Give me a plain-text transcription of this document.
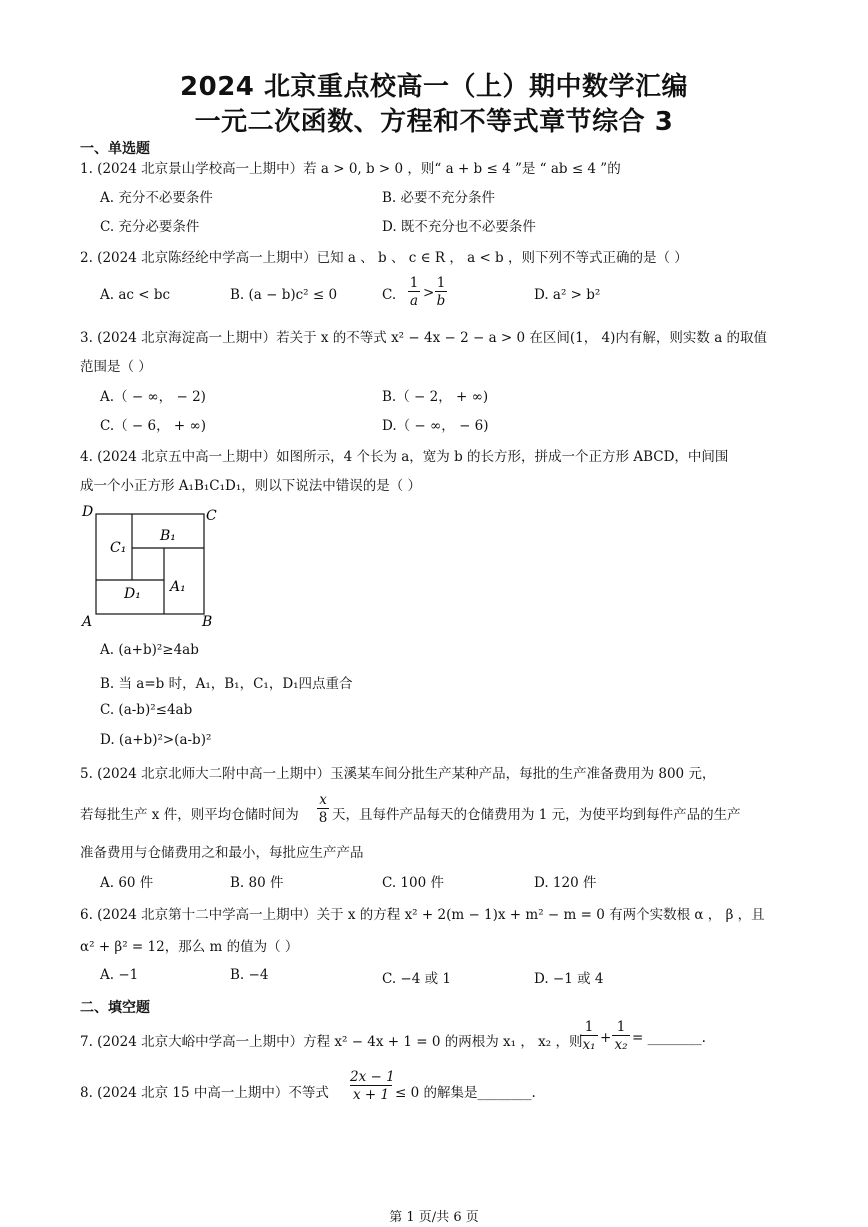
2024 北京重点校高一（上）期中数学汇编
一元二次函数、方程和不等式章节综合 3
一、单选题
1. (2024 北京景山学校高一上期中）若 a > 0, b > 0 ，则“ a + b ≤ 4 ”是 “ ab ≤ 4 ”的
A. 充分不必要条件	B. 必要不充分条件
C. 充分必要条件	D. 既不充分也不必要条件
2. (2024 北京陈经纶中学高一上期中）已知 a 、 b 、 c ∈ R ， a < b ，则下列不等式正确的是（ ）
A. ac < bc	B. (a − b)c² ≤ 0	C.
1
a >
1
b	D. a² > b²
3. (2024 北京海淀高一上期中）若关于 x 的不等式 x² − 4x − 2 − a > 0 在区间(1， 4)内有解，则实数 a 的取值
范围是（ ）
A.（ − ∞， − 2)	B.（ − 2， + ∞)
C.（ − 6， + ∞)	D.（ − ∞， − 6)
4. (2024 北京五中高一上期中）如图所示，4 个长为 a，宽为 b 的长方形，拼成一个正方形 ABCD，中间围
成一个小正方形 A₁B₁C₁D₁，则以下说法中错误的是（ ）
D	C
A	B
B₁
C₁
A₁
D₁
A. (a+b)²≥4ab
B. 当 a=b 时，A₁，B₁，C₁，D₁四点重合
C. (a-b)²≤4ab
D. (a+b)²>(a-b)²
5. (2024 北京北师大二附中高一上期中）玉溪某车间分批生产某种产品，每批的生产准备费用为 800 元，
若每批生产 x 件，则平均仓储时间为
x
8 天，且每件产品每天的仓储费用为 1 元，为使平均到每件产品的生产
准备费用与仓储费用之和最小，每批应生产产品
A. 60 件	B. 80 件	C. 100 件	D. 120 件
6. (2024 北京第十二中学高一上期中）关于 x 的方程 x² + 2(m − 1)x + m² − m = 0 有两个实数根 α ， β ，且
α² + β² = 12，那么 m 的值为（ ）
A. −1	B. −4	C. −4 或 1	D. −1 或 4
二、填空题
7. (2024 北京大峪中学高一上期中）方程 x² − 4x + 1 = 0 的两根为 x₁ ， x₂ ，则
1
x₁ +
1
x₂ = ________.
8. (2024 北京 15 中高一上期中）不等式
2x − 1
x + 1 ≤ 0 的解集是________.
第 1 页/共 6 页
